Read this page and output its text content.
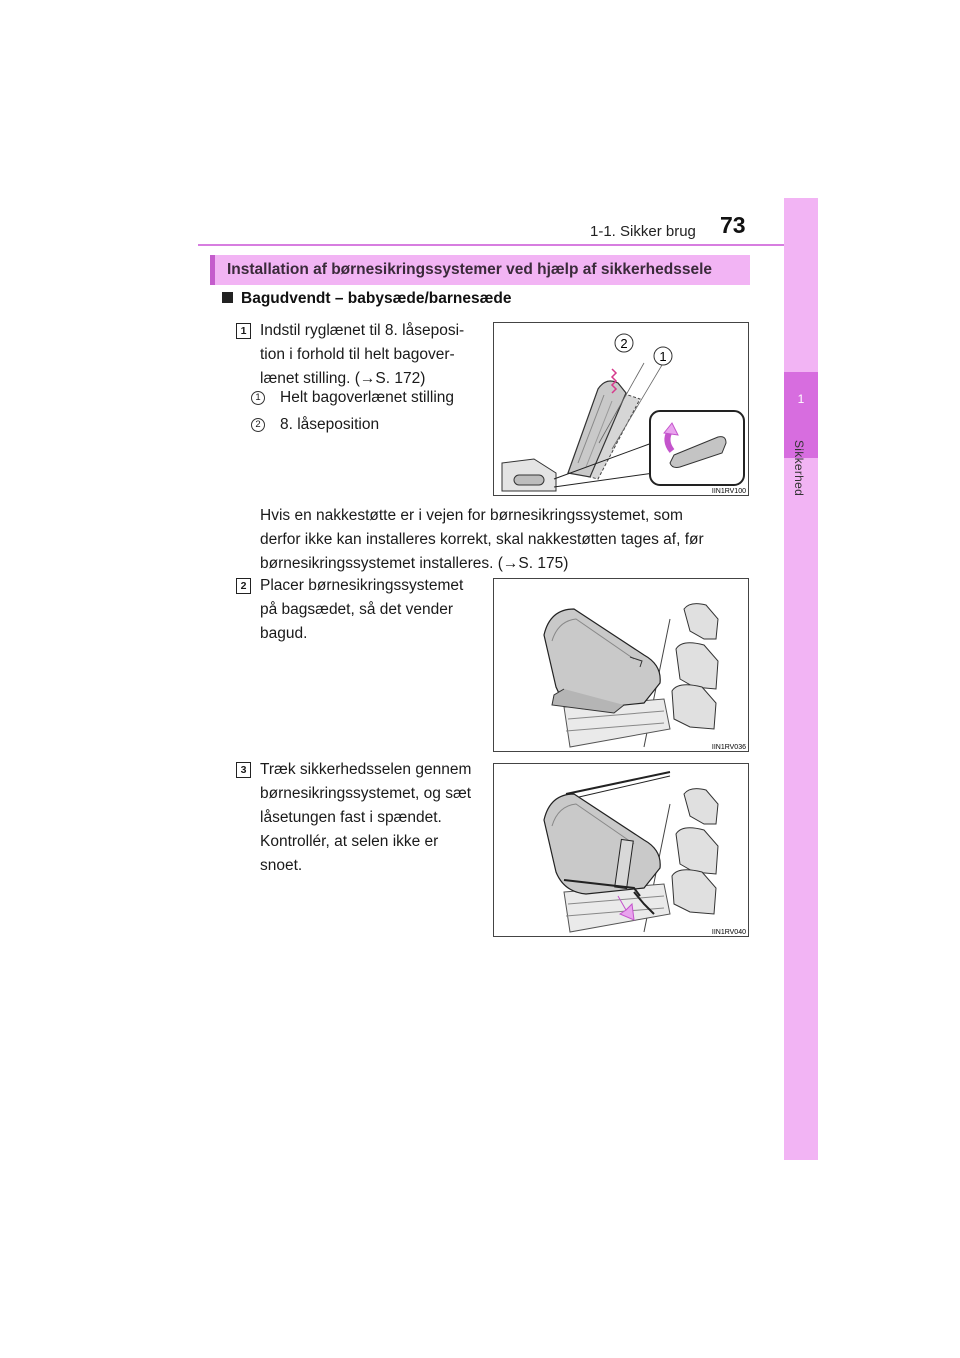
1-1. Sikker brug 73
1
Sikkerhed
Installation af børnesikringssystemer ved hjælp af sikkerhedssele
Bagudvendt – babysæde/barnesæde
1 Indstil ryglænet til 8. låseposi-
tion i forhold til helt bagover-
lænet stilling. (→S. 172)
1 Helt bagoverlænet stilling
2 8. låseposition
2
1
IIN1RV100
Hvis en nakkestøtte er i vejen for børnesikringssystemet, som
derfor ikke kan installeres korrekt, skal nakkestøtten tages af, før
børnesikringssystemet installeres. (→S. 175)
2 Placer børnesikringssystemet
på bagsædet, så det vender
bagud.
IIN1RV036
3 Træk sikkerhedsselen gennem
børnesikringssystemet, og sæt
låsetungen fast i spændet.
Kontrollér, at selen ikke er
snoet.
IIN1RV040
